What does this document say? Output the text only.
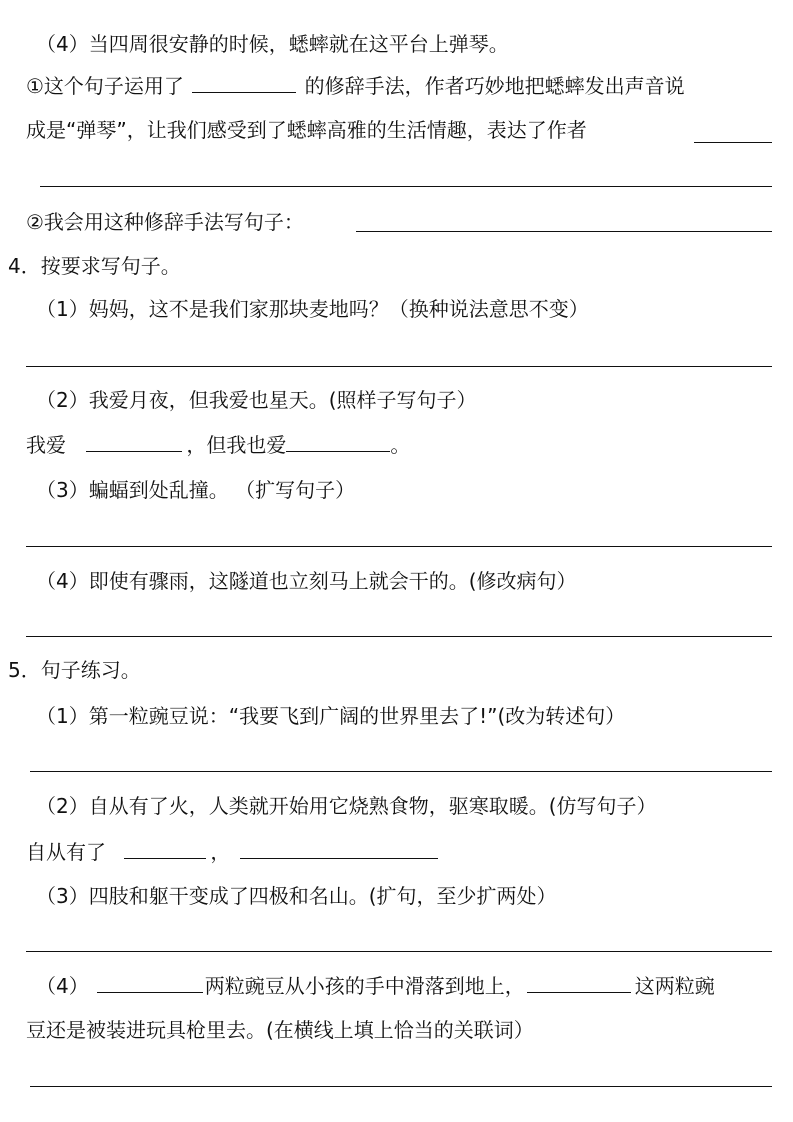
（4）当四周很安静的时候，蟋蟀就在这平台上弹琴。
①这个句子运用了	的修辞手法，作者巧妙地把蟋蟀发出声音说
成是“弹琴”，让我们感受到了蟋蟀高雅的生活情趣，表达了作者
②我会用这种修辞手法写句子：
4．按要求写句子。
（1）妈妈，这不是我们家那块麦地吗？（换种说法意思不变）
（2）我爱月夜，但我爱也星天。(照样子写句子）
我爱	，但我也爱	。
（3）蝙蝠到处乱撞。 （扩写句子）
（4）即使有骤雨，这隧道也立刻马上就会干的。(修改病句）
5．句子练习。
（1）第一粒豌豆说：“我要飞到广阔的世界里去了!”(改为转述句）
（2）自从有了火，人类就开始用它烧熟食物，驱寒取暖。(仿写句子）
自从有了	，
（3）四肢和躯干变成了四极和名山。(扩句，至少扩两处）
（4）	两粒豌豆从小孩的手中滑落到地上，	这两粒豌
豆还是被装进玩具枪里去。(在横线上填上恰当的关联词）
